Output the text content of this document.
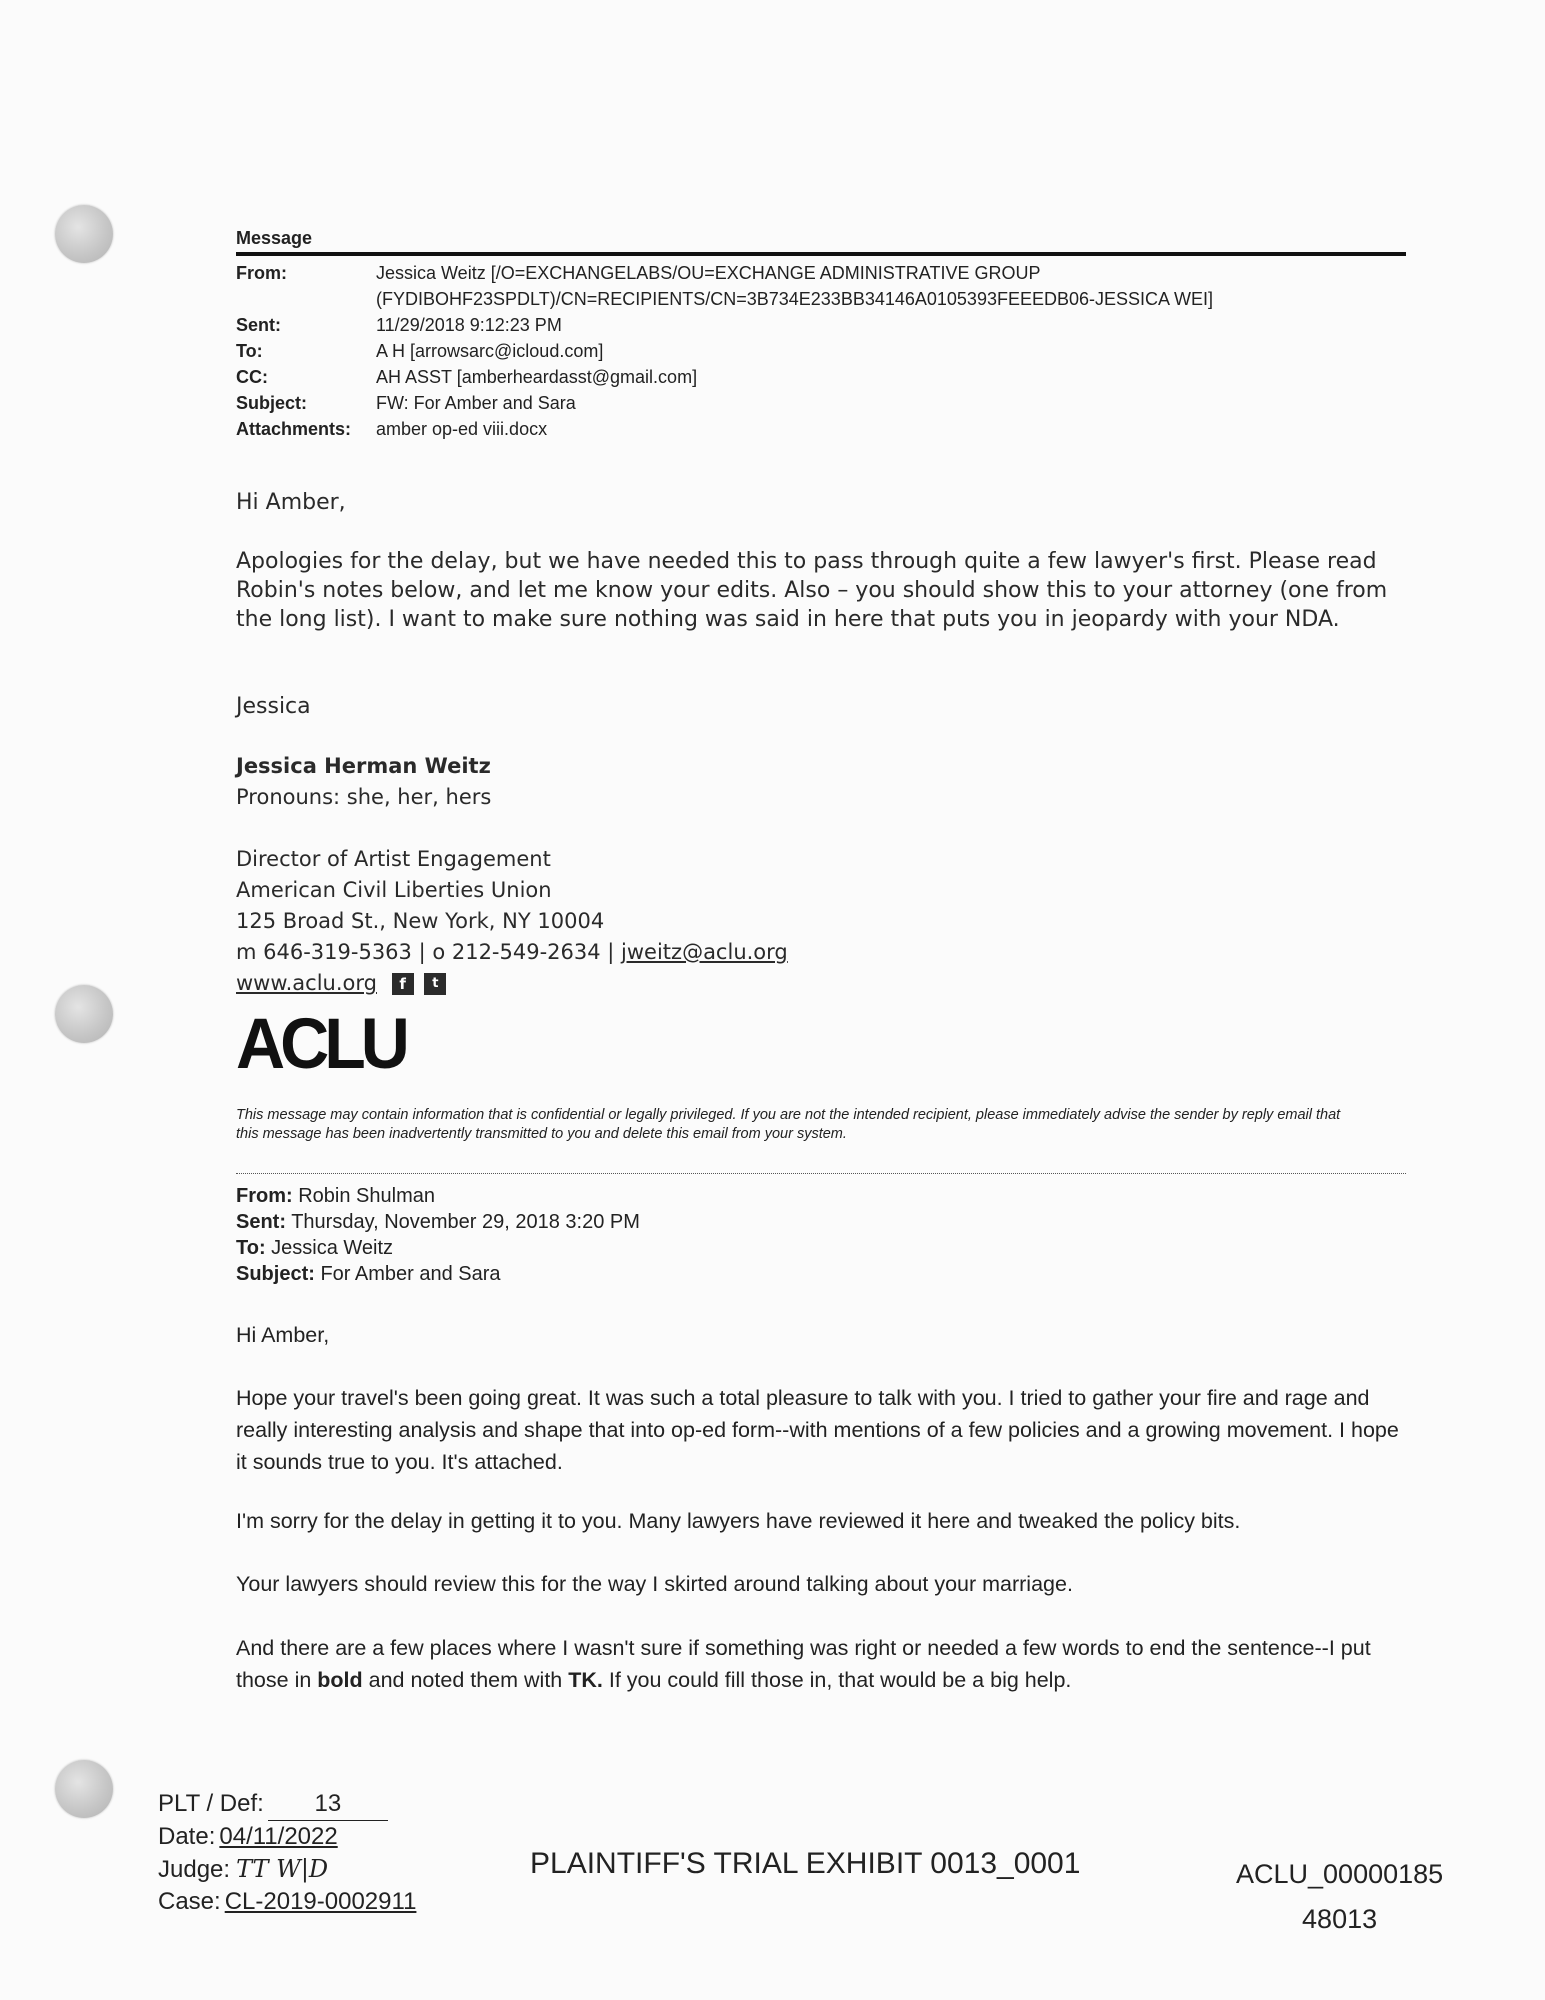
Message
From:	Jessica Weitz [/O=EXCHANGELABS/OU=EXCHANGE ADMINISTRATIVE GROUP
(FYDIBOHF23SPDLT)/CN=RECIPIENTS/CN=3B734E233BB34146A0105393FEEEDB06-JESSICA WEI]
Sent:	11/29/2018 9:12:23 PM
To:	A H [arrowsarc@icloud.com]
CC:	AH ASST [amberheardasst@gmail.com]
Subject:	FW: For Amber and Sara
Attachments:	amber op-ed viii.docx

Hi Amber,

Apologies for the delay, but we have needed this to pass through quite a few lawyer's first. Please read Robin's notes below, and let me know your edits. Also – you should show this to your attorney (one from the long list). I want to make sure nothing was said in here that puts you in jeopardy with your NDA.

Jessica

Jessica Herman Weitz
Pronouns: she, her, hers
Director of Artist Engagement
American Civil Liberties Union
125 Broad St., New York, NY 10004
m 646-319-5363 | o 212-549-2634 | jweitz@aclu.org
www.aclu.org f t
ACLU
This message may contain information that is confidential or legally privileged. If you are not the intended recipient, please immediately advise the sender by reply email that this message has been inadvertently transmitted to you and delete this email from your system.
From: Robin Shulman
Sent: Thursday, November 29, 2018 3:20 PM
To: Jessica Weitz
Subject: For Amber and Sara

Hi Amber,

Hope your travel's been going great. It was such a total pleasure to talk with you. I tried to gather your fire and rage and really interesting analysis and shape that into op-ed form--with mentions of a few policies and a growing movement. I hope it sounds true to you. It's attached.

I'm sorry for the delay in getting it to you. Many lawyers have reviewed it here and tweaked the policy bits.

Your lawyers should review this for the way I skirted around talking about your marriage.

And there are a few places where I wasn't sure if something was right or needed a few words to end the sentence--I put those in bold and noted them with TK. If you could fill those in, that would be a big help.

PLT / Def:	13
Date: 04/11/2022
Judge: TT W|D
Case: CL-2019-0002911
PLAINTIFF'S TRIAL EXHIBIT 0013_0001	ACLU_00000185
48013
